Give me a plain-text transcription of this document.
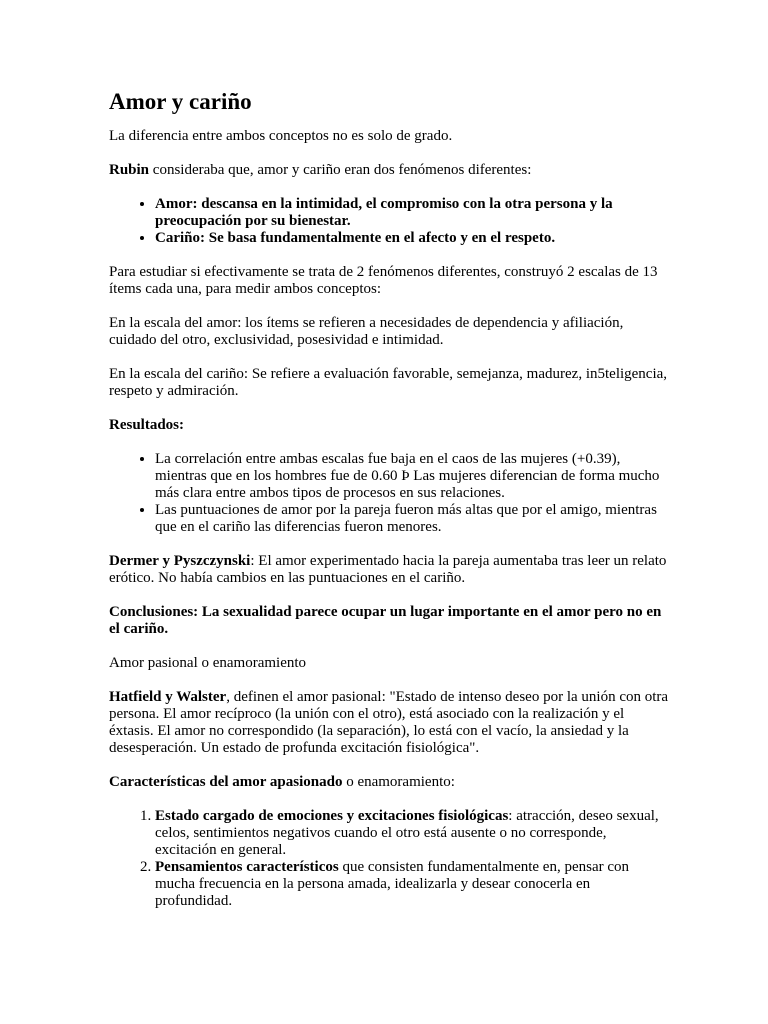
Amor y cariño

La diferencia entre ambos conceptos no es solo de grado.

Rubin consideraba que, amor y cariño eran dos fenómenos diferentes:

• Amor: descansa en la intimidad, el compromiso con la otra persona y la preocupación por su bienestar.
• Cariño: Se basa fundamentalmente en el afecto y en el respeto.

Para estudiar si efectivamente se trata de 2 fenómenos diferentes, construyó 2 escalas de 13 ítems cada una, para medir ambos conceptos:

En la escala del amor: los ítems se refieren a necesidades de dependencia y afiliación, cuidado del otro, exclusividad, posesividad e intimidad.

En la escala del cariño: Se refiere a evaluación favorable, semejanza, madurez, in5teligencia, respeto y admiración.

Resultados:

• La correlación entre ambas escalas fue baja en el caos de las mujeres (+0.39), mientras que en los hombres fue de 0.60 Þ Las mujeres diferencian de forma mucho más clara entre ambos tipos de procesos en sus relaciones.
• Las puntuaciones de amor por la pareja fueron más altas que por el amigo, mientras que en el cariño las diferencias fueron menores.

Dermer y Pyszczynski: El amor experimentado hacia la pareja aumentaba tras leer un relato erótico. No había cambios en las puntuaciones en el cariño.

Conclusiones: La sexualidad parece ocupar un lugar importante en el amor pero no en el cariño.

Amor pasional o enamoramiento

Hatfield y Walster, definen el amor pasional: "Estado de intenso deseo por la unión con otra persona. El amor recíproco (la unión con el otro), está asociado con la realización y el éxtasis. El amor no correspondido (la separación), lo está con el vacío, la ansiedad y la desesperación. Un estado de profunda excitación fisiológica".

Características del amor apasionado o enamoramiento:

1. Estado cargado de emociones y excitaciones fisiológicas: atracción, deseo sexual, celos, sentimientos negativos cuando el otro está ausente o no corresponde, excitación en general.
2. Pensamientos característicos que consisten fundamentalmente en, pensar con mucha frecuencia en la persona amada, idealizarla y desear conocerla en profundidad.
